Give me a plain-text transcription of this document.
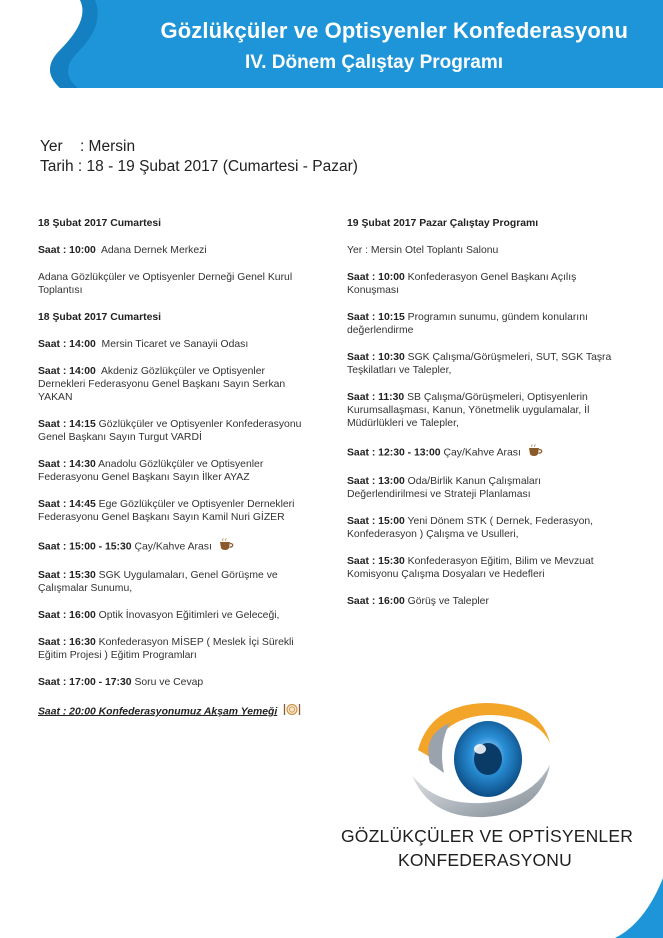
Gözlükçüler ve Optisyenler Konfederasyonu
IV. Dönem Çalıştay Programı
Yer : Mersin
Tarih : 18 - 19 Şubat 2017 (Cumartesi - Pazar)

18 Şubat 2017 Cumartesi

Saat : 10:00 Adana Dernek Merkezi

Adana Gözlükçüler ve Optisyenler Derneği Genel Kurul Toplantısı

18 Şubat 2017 Cumartesi

Saat : 14:00 Mersin Ticaret ve Sanayii Odası

Saat : 14:00 Akdeniz Gözlükçüler ve Optisyenler Dernekleri Federasyonu Genel Başkanı Sayın Serkan YAKAN

Saat : 14:15 Gözlükçüler ve Optisyenler Konfederasyonu Genel Başkanı Sayın Turgut VARDİ

Saat : 14:30 Anadolu Gözlükçüler ve Optisyenler Federasyonu Genel Başkanı Sayın İlker AYAZ

Saat : 14:45 Ege Gözlükçüler ve Optisyenler Dernekleri Federasyonu Genel Başkanı Sayın Kamil Nuri GİZER

Saat : 15:00 - 15:30 Çay/Kahve Arası

Saat : 15:30 SGK Uygulamaları, Genel Görüşme ve Çalışmalar Sunumu,

Saat : 16:00 Optik İnovasyon Eğitimleri ve Geleceği,

Saat : 16:30 Konfederasyon MİSEP ( Meslek İçi Sürekli Eğitim Projesi ) Eğitim Programları

Saat : 17:00 - 17:30 Soru ve Cevap

Saat : 20:00 Konfederasyonumuz Akşam Yemeği

19 Şubat 2017 Pazar Çalıştay Programı

Yer : Mersin Otel Toplantı Salonu

Saat : 10:00 Konfederasyon Genel Başkanı Açılış Konuşması

Saat : 10:15 Programın sunumu, gündem konularını değerlendirme

Saat : 10:30 SGK Çalışma/Görüşmeleri, SUT, SGK Taşra Teşkilatları ve Talepler,

Saat : 11:30 SB Çalışma/Görüşmeleri, Optisyenlerin Kurumsallaşması, Kanun, Yönetmelik uygulamalar, İl Müdürlükleri ve Talepler,

Saat : 12:30 - 13:00 Çay/Kahve Arası

Saat : 13:00 Oda/Birlik Kanun Çalışmaları Değerlendirilmesi ve Strateji Planlaması

Saat : 15:00 Yeni Dönem STK ( Dernek, Federasyon, Konfederasyon ) Çalışma ve Usulleri,

Saat : 15:30 Konfederasyon Eğitim, Bilim ve Mevzuat Komisyonu Çalışma Dosyaları ve Hedefleri

Saat : 16:00 Görüş ve Talepler

GÖZLÜKÇÜLER VE OPTİSYENLER
KONFEDERASYONU
